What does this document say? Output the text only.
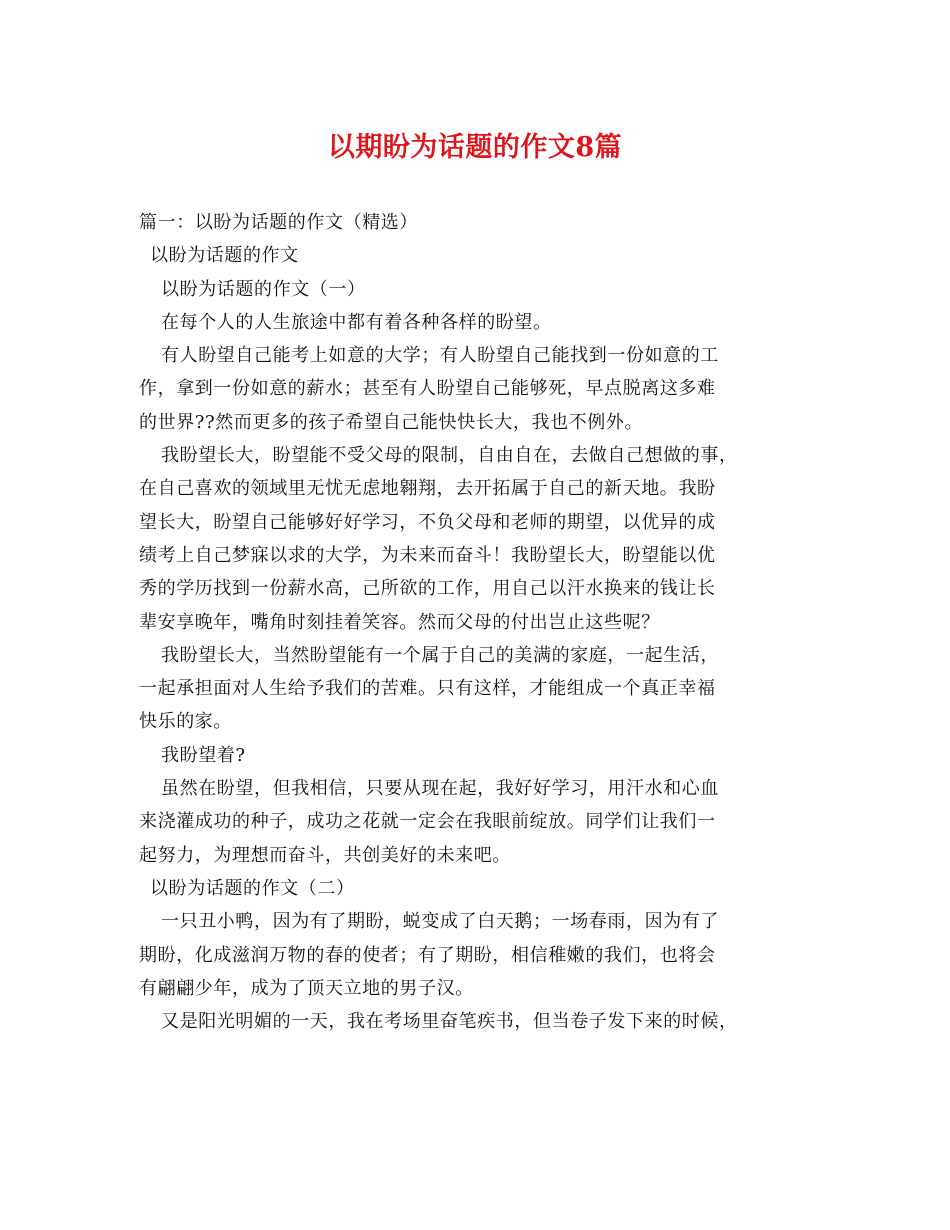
以期盼为话题的作文8篇
篇一：以盼为话题的作文（精选）
以盼为话题的作文
以盼为话题的作文（一）
在每个人的人生旅途中都有着各种各样的盼望。
有人盼望自己能考上如意的大学；有人盼望自己能找到一份如意的工
作，拿到一份如意的薪水；甚至有人盼望自己能够死，早点脱离这多难
的世界??然而更多的孩子希望自己能快快长大，我也不例外。
我盼望长大，盼望能不受父母的限制，自由自在，去做自己想做的事，
在自己喜欢的领域里无忧无虑地翱翔，去开拓属于自己的新天地。我盼
望长大，盼望自己能够好好学习，不负父母和老师的期望，以优异的成
绩考上自己梦寐以求的大学，为未来而奋斗！我盼望长大，盼望能以优
秀的学历找到一份薪水高，己所欲的工作，用自己以汗水换来的钱让长
辈安享晚年，嘴角时刻挂着笑容。然而父母的付出岂止这些呢？
我盼望长大，当然盼望能有一个属于自己的美满的家庭，一起生活，
一起承担面对人生给予我们的苦难。只有这样，才能组成一个真正幸福
快乐的家。
我盼望着?
虽然在盼望，但我相信，只要从现在起，我好好学习，用汗水和心血
来浇灌成功的种子，成功之花就一定会在我眼前绽放。同学们让我们一
起努力，为理想而奋斗，共创美好的未来吧。
以盼为话题的作文（二）
一只丑小鸭，因为有了期盼，蜕变成了白天鹅；一场春雨，因为有了
期盼，化成滋润万物的春的使者；有了期盼，相信稚嫩的我们，也将会
有翩翩少年，成为了顶天立地的男子汉。
又是阳光明媚的一天，我在考场里奋笔疾书，但当卷子发下来的时候，
